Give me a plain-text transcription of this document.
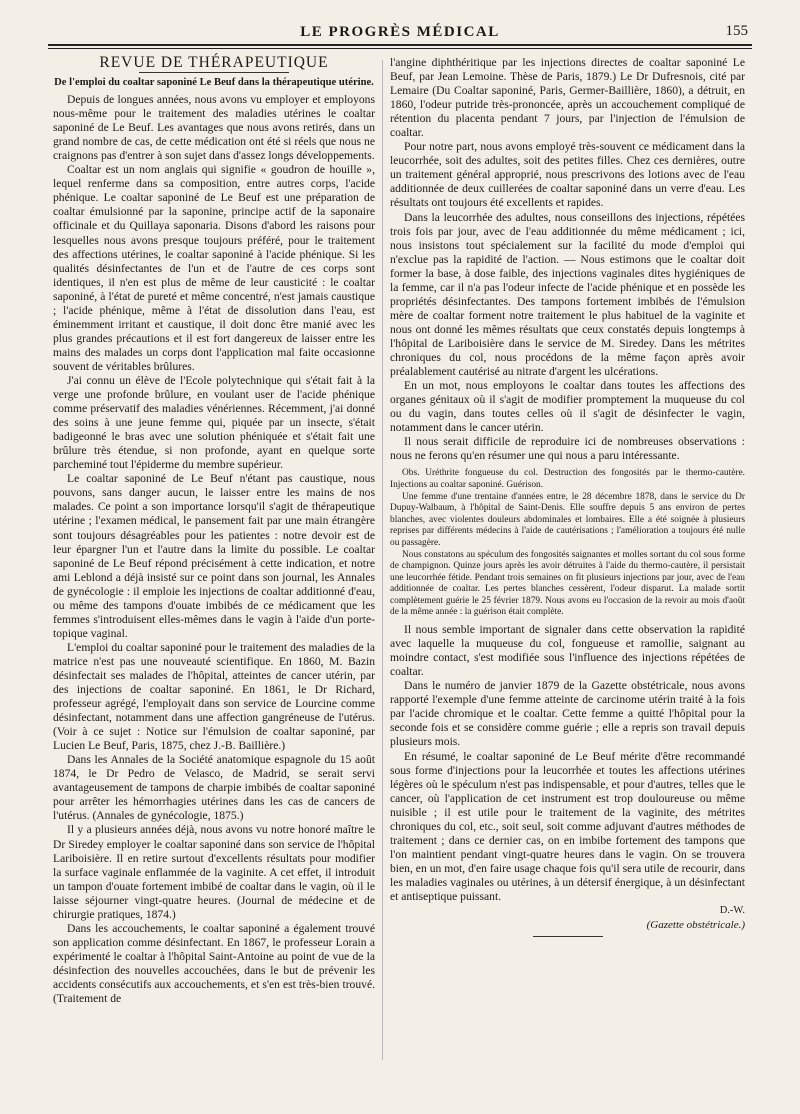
LE PROGRÈS MÉDICAL	155
REVUE DE THÉRAPEUTIQUE
De l'emploi du coaltar saponiné Le Beuf dans la thérapeutique utérine.

Depuis de longues années, nous avons vu employer et employons nous-même pour le traitement des maladies utérines le coaltar saponiné de Le Beuf. Les avantages que nous avons retirés, dans un grand nombre de cas, de cette médication ont été si réels que nous ne craignons pas d'entrer à son sujet dans d'assez longs développements.

Coaltar est un nom anglais qui signifie « goudron de houille », lequel renferme dans sa composition, entre autres corps, l'acide phénique. Le coaltar saponiné de Le Beuf est une préparation de coaltar émulsionné par la saponine, principe actif de la saponaire officinale et du Quillaya saponaria. Disons d'abord les raisons pour lesquelles nous avons presque toujours préféré, pour le traitement des affections utérines, le coaltar saponiné à l'acide phénique. Si les qualités désinfectantes de l'un et de l'autre de ces corps sont identiques, il n'en est plus de même de leur causticité : le coaltar saponiné, à l'état de pureté et même concentré, n'est jamais caustique ; l'acide phénique, même à l'état de dissolution dans l'eau, est éminemment irritant et caustique, il doit donc être manié avec les plus grandes précautions et il est fort dangereux de laisser entre les mains des malades un corps dont l'application mal faite occasionne souvent de véritables brûlures.

J'ai connu un élève de l'Ecole polytechnique qui s'était fait à la verge une profonde brûlure, en voulant user de l'acide phénique comme préservatif des maladies vénériennes. Récemment, j'ai donné des soins à une jeune femme qui, piquée par un insecte, s'était badigeonné le bras avec une solution phéniquée et s'était fait une brûlure très étendue, si non profonde, ayant en quelque sorte parcheminé tout l'épiderme du membre supérieur.

Le coaltar saponiné de Le Beuf n'étant pas caustique, nous pouvons, sans danger aucun, le laisser entre les mains de nos malades. Ce point a son importance lorsqu'il s'agit de thérapeutique utérine ; l'examen médical, le pansement fait par une main étrangère sont toujours désagréables pour les patientes : notre devoir est de leur épargner l'un et l'autre dans la limite du possible. Le coaltar saponiné de Le Beuf répond précisément à cette indication, et notre ami Leblond a déjà insisté sur ce point dans son journal, les Annales de gynécologie : il emploie les injections de coaltar additionné d'eau, ou même des tampons d'ouate imbibés de ce médicament que les femmes s'introduisent elles-mêmes dans le vagin à l'aide d'un porte-topique vaginal.

L'emploi du coaltar saponiné pour le traitement des maladies de la matrice n'est pas une nouveauté scientifique. En 1860, M. Bazin désinfectait ses malades de l'hôpital, atteintes de cancer utérin, par des injections de coaltar saponiné. En 1861, le Dr Richard, professeur agrégé, l'employait dans son service de Lourcine comme désinfectant, notamment dans une affection gangréneuse de l'utérus. (Voir à ce sujet : Notice sur l'émulsion de coaltar saponiné, par Lucien Le Beuf, Paris, 1875, chez J.-B. Baillière.)

Dans les Annales de la Société anatomique espagnole du 15 août 1874, le Dr Pedro de Velasco, de Madrid, se serait servi avantageusement de tampons de charpie imbibés de coaltar saponiné pour arrêter les hémorrhagies utérines dans les cas de cancers de l'utérus. (Annales de gynécologie, 1875.)

Il y a plusieurs années déjà, nous avons vu notre honoré maître le Dr Siredey employer le coaltar saponiné dans son service de l'hôpital Lariboisière. Il en retire surtout d'excellents résultats pour modifier la surface vaginale enflammée de la vaginite. A cet effet, il introduit un tampon d'ouate fortement imbibé de coaltar dans le vagin, où il le laisse séjourner vingt-quatre heures. (Journal de médecine et de chirurgie pratiques, 1874.)

Dans les accouchements, le coaltar saponiné a également trouvé son application comme désinfectant. En 1867, le professeur Lorain a expérimenté le coaltar à l'hôpital Saint-Antoine au point de vue de la désinfection des nouvelles accouchées, dans le but de prévenir les accidents consécutifs aux accouchements, et s'en est très-bien trouvé. (Traitement de

l'angine diphthéritique par les injections directes de coaltar saponiné Le Beuf, par Jean Lemoine. Thèse de Paris, 1879.) Le Dr Dufresnois, cité par Lemaire (Du Coaltar saponiné, Paris, Germer-Baillière, 1860), a détruit, en 1860, l'odeur putride très-prononcée, après un accouchement compliqué de rétention du placenta pendant 7 jours, par l'injection de l'émulsion de coaltar.

Pour notre part, nous avons employé très-souvent ce médicament dans la leucorrhée, soit des adultes, soit des petites filles. Chez ces dernières, outre un traitement général approprié, nous prescrivons des lotions avec de l'eau additionnée de deux cuillerées de coaltar saponiné dans un verre d'eau. Les résultats ont toujours été excellents et rapides.

Dans la leucorrhée des adultes, nous conseillons des injections, répétées trois fois par jour, avec de l'eau additionnée du même médicament ; ici, nous insistons tout spécialement sur la facilité du mode d'emploi qui n'exclue pas la rapidité de l'action. — Nous estimons que le coaltar doit former la base, à dose faible, des injections vaginales dites hygiéniques de la femme, car il n'a pas l'odeur infecte de l'acide phénique et en possède les propriétés désinfectantes. Des tampons fortement imbibés de l'émulsion mère de coaltar forment notre traitement le plus habituel de la vaginite et nous ont donné les mêmes résultats que ceux constatés depuis longtemps à l'hôpital de Lariboisière dans le service de M. Siredey. Dans les métrites chroniques du col, nous procédons de la même façon après avoir préalablement cautérisé au nitrate d'argent les ulcérations.

En un mot, nous employons le coaltar dans toutes les affections des organes génitaux où il s'agit de modifier promptement la muqueuse du col ou du vagin, dans toutes celles où il s'agit de désinfecter le vagin, notamment dans le cancer utérin.

Il nous serait difficile de reproduire ici de nombreuses observations : nous ne ferons qu'en résumer une qui nous a paru intéressante.

Obs. Uréthrite fongueuse du col. Destruction des fongosités par le thermo-cautère. Injections au coaltar saponiné. Guérison.

Une femme d'une trentaine d'années entre, le 28 décembre 1878, dans le service du Dr Dupuy-Walbaum, à l'hôpital de Saint-Denis. Elle souffre depuis 5 ans environ de pertes blanches, avec violentes douleurs abdominales et lombaires. Elle a été soignée à plusieurs reprises par différents médecins à l'aide de cautérisations ; l'amélioration a toujours été nulle ou passagère.

Nous constatons au spéculum des fongosités saignantes et molles sortant du col sous forme de champignon. Quinze jours après les avoir détruites à l'aide du thermo-cautère, il persistait une leucorrhée fétide. Pendant trois semaines on fit plusieurs injections par jour, avec de l'eau additionnée de coaltar. Les pertes blanches cessèrent, l'odeur disparut. La malade sortit complètement guérie le 25 février 1879. Nous avons eu l'occasion de la revoir au mois d'août de la même année : la guérison était complète.

Il nous semble important de signaler dans cette observation la rapidité avec laquelle la muqueuse du col, fongueuse et ramollie, saignant au moindre contact, s'est modifiée sous l'influence des injections répétées de coaltar.

Dans le numéro de janvier 1879 de la Gazette obstétricale, nous avons rapporté l'exemple d'une femme atteinte de carcinome utérin traité à la fois par l'acide chromique et le coaltar. Cette femme a quitté l'hôpital pour la seconde fois et se considère comme guérie ; elle a repris son travail depuis plusieurs mois.

En résumé, le coaltar saponiné de Le Beuf mérite d'être recommandé sous forme d'injections pour la leucorrhée et toutes les affections utérines légères où le spéculum n'est pas indispensable, et pour d'autres, telles que le cancer, où l'application de cet instrument est trop douloureuse ou même nuisible ; il est utile pour le traitement de la vaginite, des métrites chroniques du col, etc., soit seul, soit comme adjuvant d'autres méthodes de traitement ; dans ce dernier cas, on en imbibe fortement des tampons que l'on maintient pendant vingt-quatre heures dans le vagin. On se trouvera bien, en un mot, d'en faire usage chaque fois qu'il sera utile de recourir, dans les maladies vaginales ou utérines, à un détersif énergique, à un désinfectant et antiseptique puissant.

D.-W.
(Gazette obstétricale.)
